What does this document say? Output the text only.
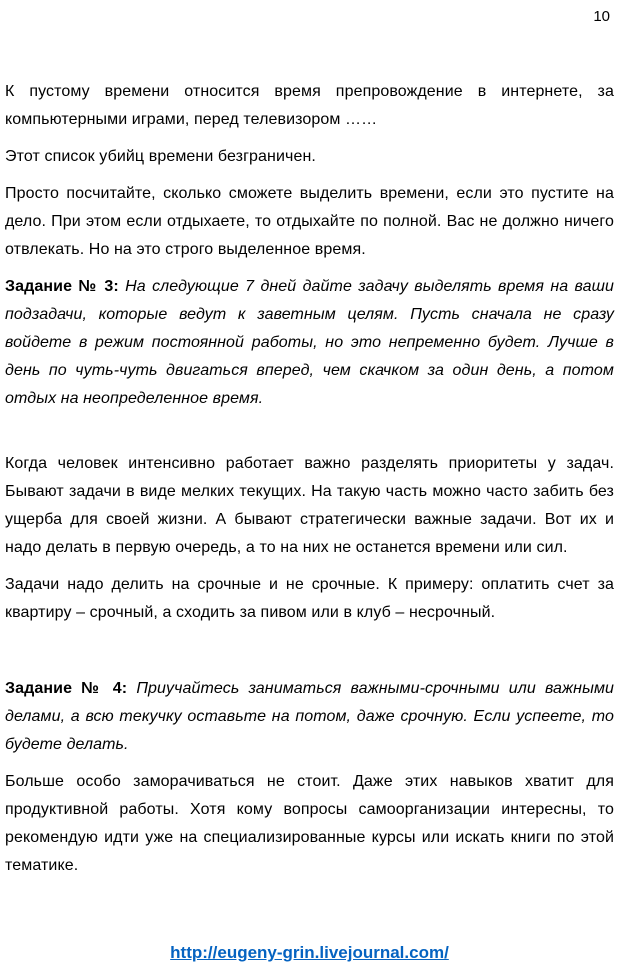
10

К пустому времени относится время препровождение в интернете, за компьютерными играми, перед телевизором ……

Этот список убийц времени безграничен.

Просто посчитайте, сколько сможете выделить времени, если это пустите на дело. При этом если отдыхаете, то отдыхайте по полной. Вас не должно ничего отвлекать. Но на это строго выделенное время.

Задание № 3: На следующие 7 дней дайте задачу выделять время на ваши подзадачи, которые ведут к заветным целям. Пусть сначала не сразу войдете в режим постоянной работы, но это непременно будет. Лучше в день по чуть-чуть двигаться вперед, чем скачком за один день, а потом отдых на неопределенное время.

Когда человек интенсивно работает важно разделять приоритеты у задач. Бывают задачи в виде мелких текущих. На такую часть можно часто забить без ущерба для своей жизни. А бывают стратегически важные задачи. Вот их и надо делать в первую очередь, а то на них не останется времени или сил.

Задачи надо делить на срочные и не срочные. К примеру: оплатить счет за квартиру – срочный, а сходить за пивом или в клуб – несрочный.

Задание № 4: Приучайтесь заниматься важными-срочными или важными делами, а всю текучку оставьте на потом, даже срочную. Если успеете, то будете делать.

Больше особо заморачиваться не стоит. Даже этих навыков хватит для продуктивной работы. Хотя кому вопросы самоорганизации интересны, то рекомендую идти уже на специализированные курсы или искать книги по этой тематике.

http://eugeny-grin.livejournal.com/
